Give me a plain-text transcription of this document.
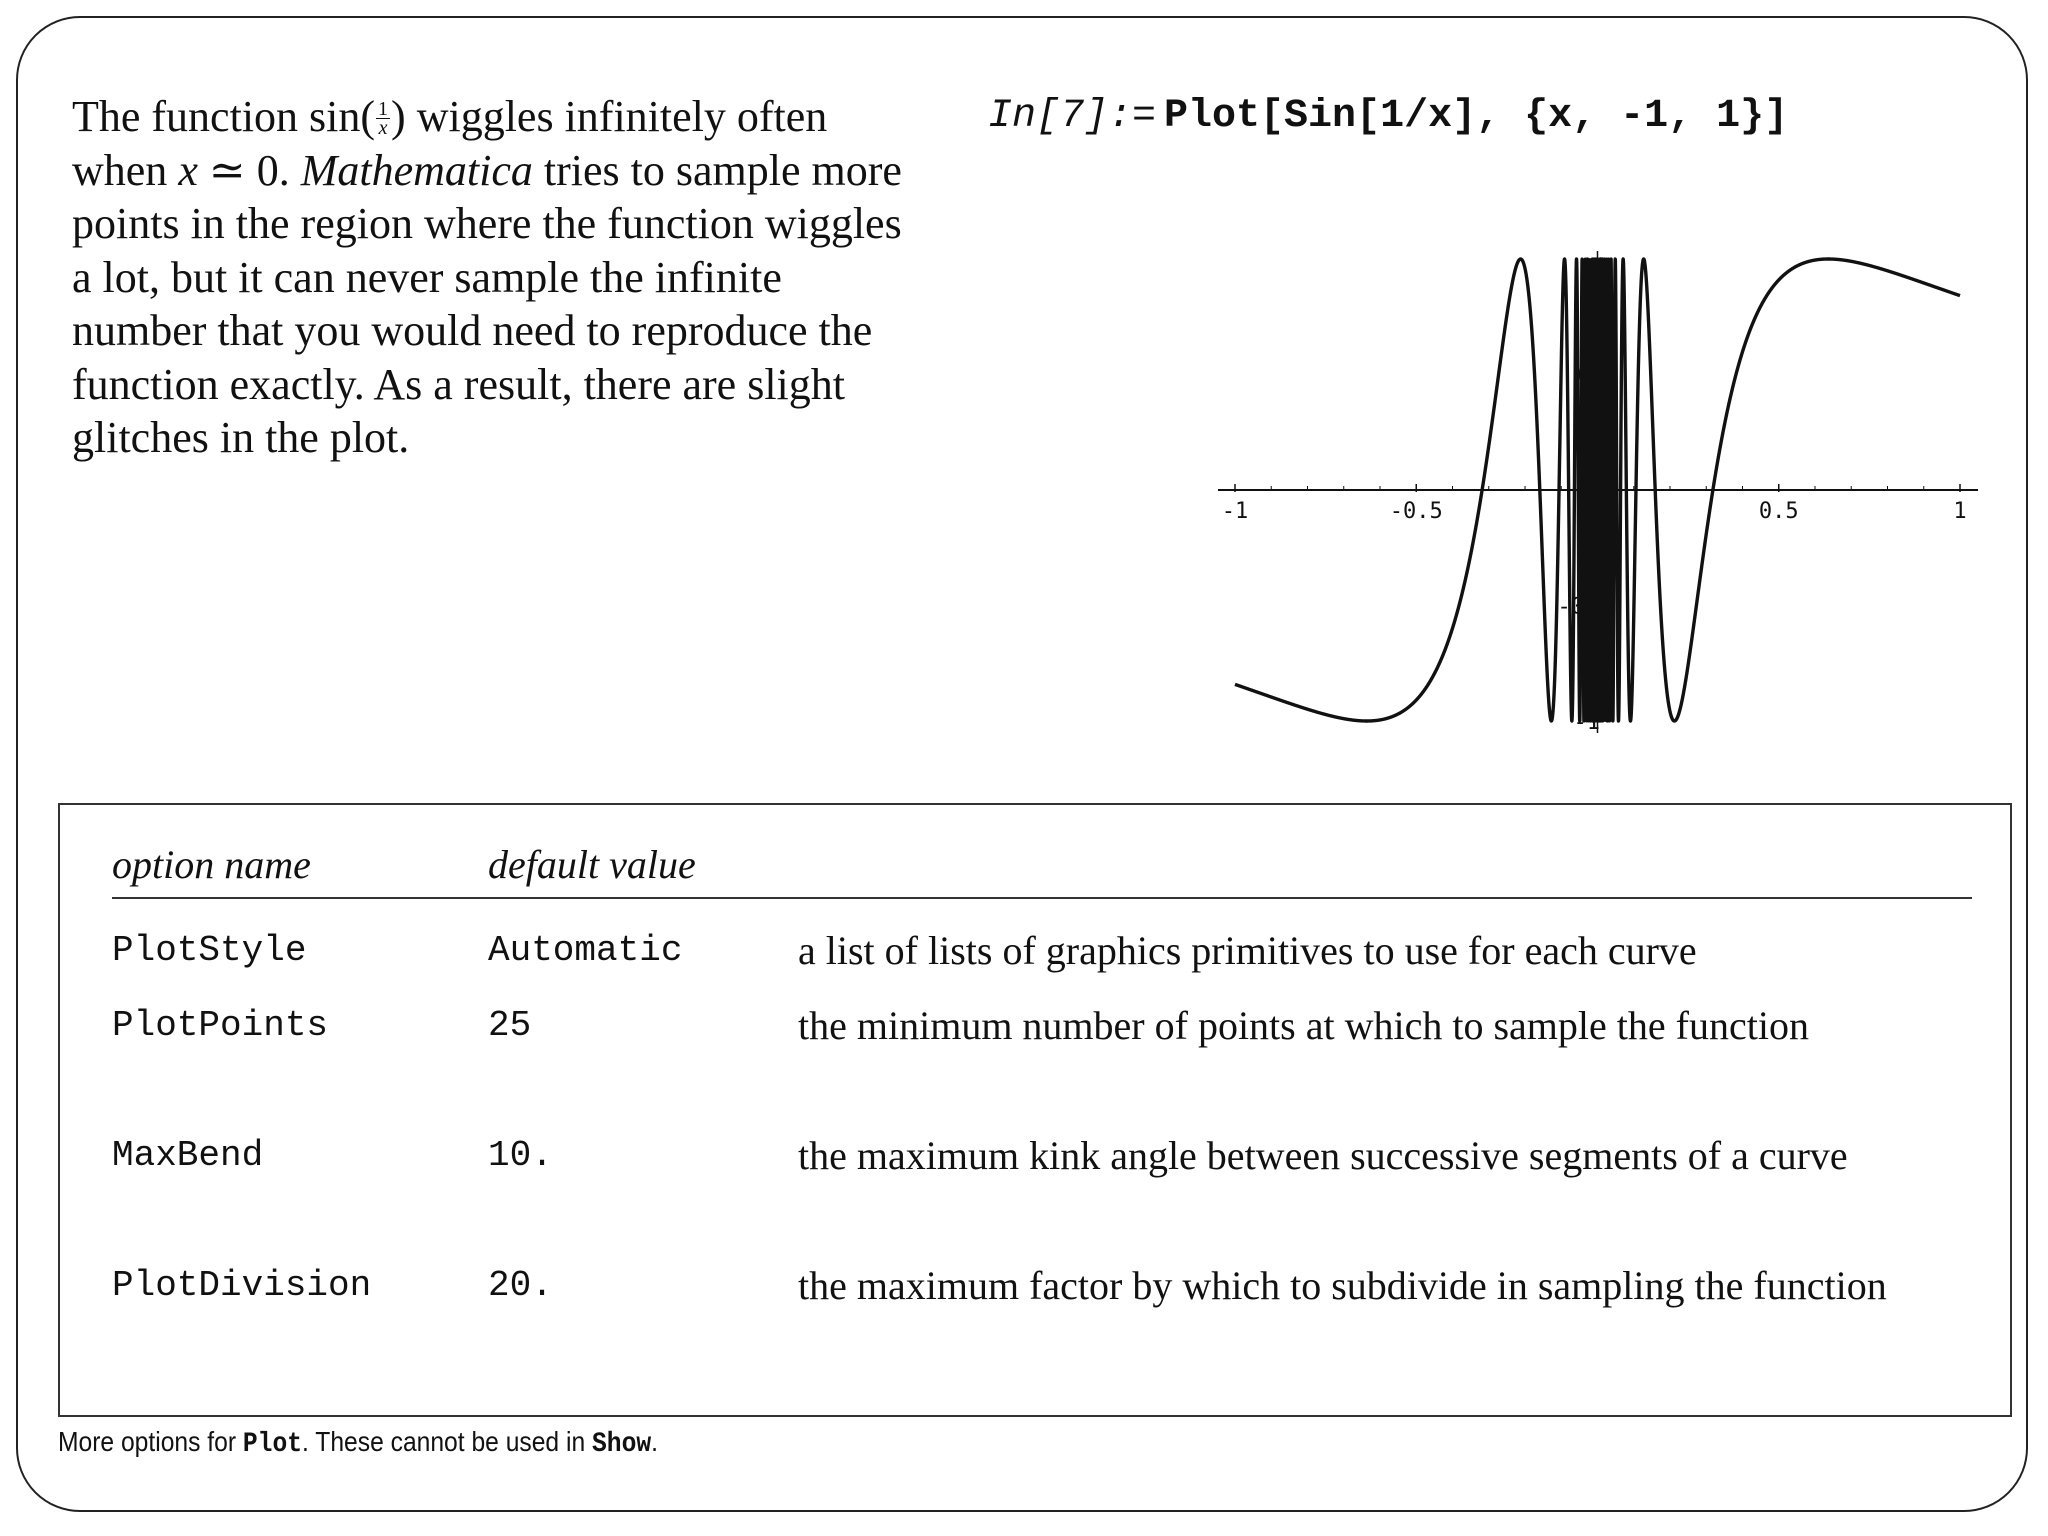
The function $\sin( \frac{1}{x}$ ) wiggles infinitely often when x ≃ 0. Mathematica tries to sample more points in the region where the function wiggles a lot, but it can never sample the infinite number that you would need to reproduce the function exactly. As a result, there are slight glitches in the plot.
In[7]:= Plot[Sin[1/x], {x, -1, 1}]
-1	-0.5	0.5	1
0
-0
-1
option name	default value
PlotStyle	Automatic	a list of lists of graphics primitives to use for each curve
PlotPoints	25	the minimum number of points at which to sample the function
MaxBend	10.	the maximum kink angle between successive segments of a curve
PlotDivision	20.	the maximum factor by which to subdivide in sampling the function
More options for Plot. These cannot be used in Show.
